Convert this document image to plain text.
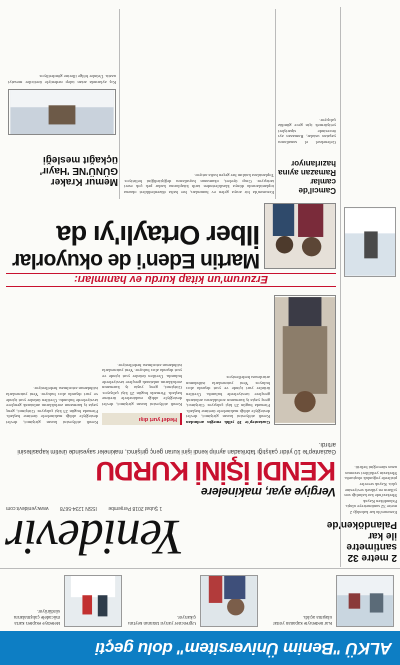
ALKÜ "Benim Üniversitem" dolu geçti
Kar nedeniyle kapanan yollar ulaşıma açıldı.
Öğrenciler yarıyıl tatilinin keyfini çıkarıyor.
Belediye ekipleri karla mücadele çalışmalarını sürdürüyor.
2 metre 32 santimetre ile kar Palandöken'de
Erzurum'da kar kalınlığı 2 metre 32 santimetreye ulaştı. Palandöken Kayak Merkezi'nde kar kalınlığı son yılların en yüksek seviyesine çıktı. Kayak severler pistlerde yoğunluk oluşturdu. Merkezin yetkilileri sezonun uzun süreceğini belirtti.
Yenidevir
1 Şubat 2018 Perşembe ISSN 1234-5678 www.yenidevir.com
Vergiye ayar, makinelere
KENDİ İŞİNİ KURDU
Gaziantep'te 10 yıldır çalıştığı fabrikadan ayrılıp kendi işini kuran genç girişimci, makineler sayesinde üretim kapasitesini artırdı.
Gaziantep'te 10 yıllık emeğin ardından Kendi atölyesini kuran girişimci, devlet desteğiyle aldığı makinelerle üretime başladı. Firmada bugün 25 kişi çalışıyor. Girişimci, genç yaşta iş kurmanın zorluklarını anlatarak gençlere tavsiyelerde bulundu. Üretilen ürünler yurt içinde ve yurt dışında alıcı buluyor. Yeni yatırımlarla istihdamın artırılması hedefleniyor.
Hedef yurt dışı
Kendi atölyesini kuran girişimci, devlet desteğiyle aldığı makinelerle üretime başladı. Firmada bugün 25 kişi çalışıyor. Girişimci, genç yaşta iş kurmanın zorluklarını anlatarak gençlere tavsiyelerde bulundu. Üretilen ürünler yurt içinde ve yurt dışında alıcı buluyor. Yeni yatırımlarla istihdamın artırılması hedefleniyor.
Kendi atölyesini kuran girişimci, devlet desteğiyle aldığı makinelerle üretime başladı. Firmada bugün 25 kişi çalışıyor. Girişimci, genç yaşta iş kurmanın zorluklarını anlatarak gençlere tavsiyelerde bulundu. Üretilen ürünler yurt içinde ve yurt dışında alıcı buluyor. Yeni yatırımlarla istihdamın artırılması hedefleniyor.
Erzurum'un kitap kurdu ev hanımları:
Martin Eden'i de okuyorlar
İlber Ortaylı'yı da
Erzurum'da bir araya gelen ev hanımları, her hafta düzenledikleri okuma toplantılarında dünya klasiklerinden tarih kitaplarına kadar pek çok eseri tartışıyor. Grup üyeleri, okumanın hayatlarını değiştirdiğini belirtiyor. Toplantılara katılım her geçen hafta artıyor.
Camcıl'de camlar Ramazan ayına hazırlanıyor
Geleneksel el sanatlarını yaşatan ustalar, Ramazan ayı öncesinde siparişleri yetiştirmek için gece gündüz çalışıyor.
Memur Kraker GÜNÜ'NE 'Hayır' üçkağıt mesleği
Kış aylarında artan talep nedeniyle üreticiler mesaiyi uzattı. Ürünler bölge illerine gönderiliyor.
